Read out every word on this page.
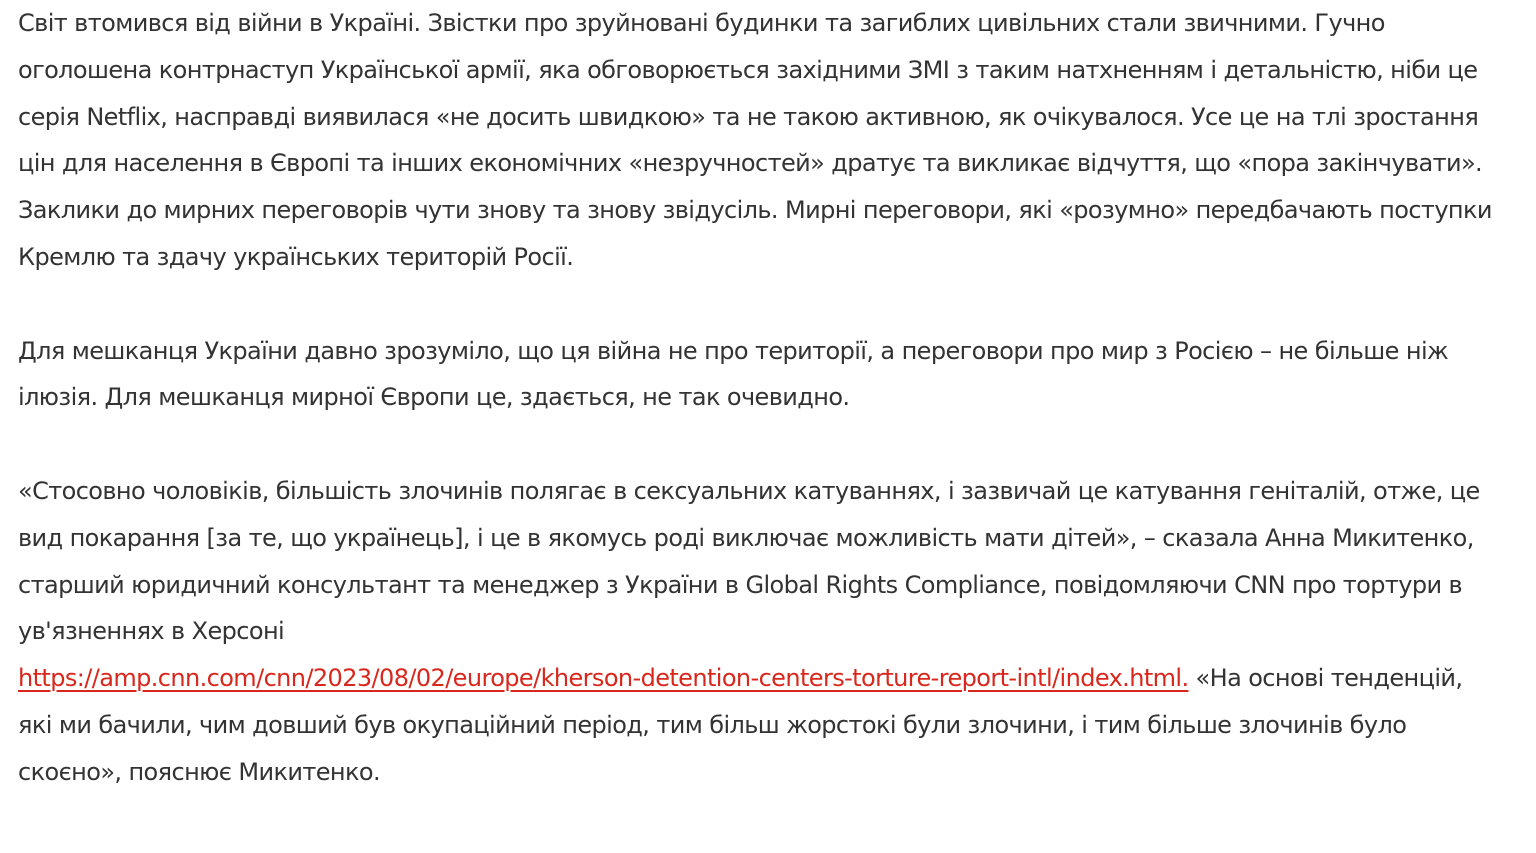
Світ втомився від війни в Україні. Звістки про зруйновані будинки та загиблих цивільних стали звичними. Гучно оголошена контрнаступ Української армії, яка обговорюється західними ЗМІ з таким натхненням і детальністю, ніби це серія Netflix, насправді виявилася «не досить швидкою» та не такою активною, як очікувалося. Усе це на тлі зростання цін для населення в Європі та інших економічних «незручностей» дратує та викликає відчуття, що «пора закінчувати». Заклики до мирних переговорів чути знову та знову звідусіль. Мирні переговори, які «розумно» передбачають поступки Кремлю та здачу українських територій Росії.

Для мешканця України давно зрозуміло, що ця війна не про території, а переговори про мир з Росією – не більше ніж ілюзія. Для мешканця мирної Європи це, здається, не так очевидно.

«Стосовно чоловіків, більшість злочинів полягає в сексуальних катуваннях, і зазвичай це катування геніталій, отже, це вид покарання [за те, що українець], і це в якомусь роді виключає можливість мати дітей», – сказала Анна Микитенко, старший юридичний консультант та менеджер з України в Global Rights Compliance, повідомляючи CNN про тортури в ув'язненнях в Херсоні
https://amp.cnn.com/cnn/2023/08/02/europe/kherson-detention-centers-torture-report-intl/index.html. «На основі тенденцій, які ми бачили, чим довший був окупаційний період, тим більш жорстокі були злочини, і тим більше злочинів було скоєно», пояснює Микитенко.
